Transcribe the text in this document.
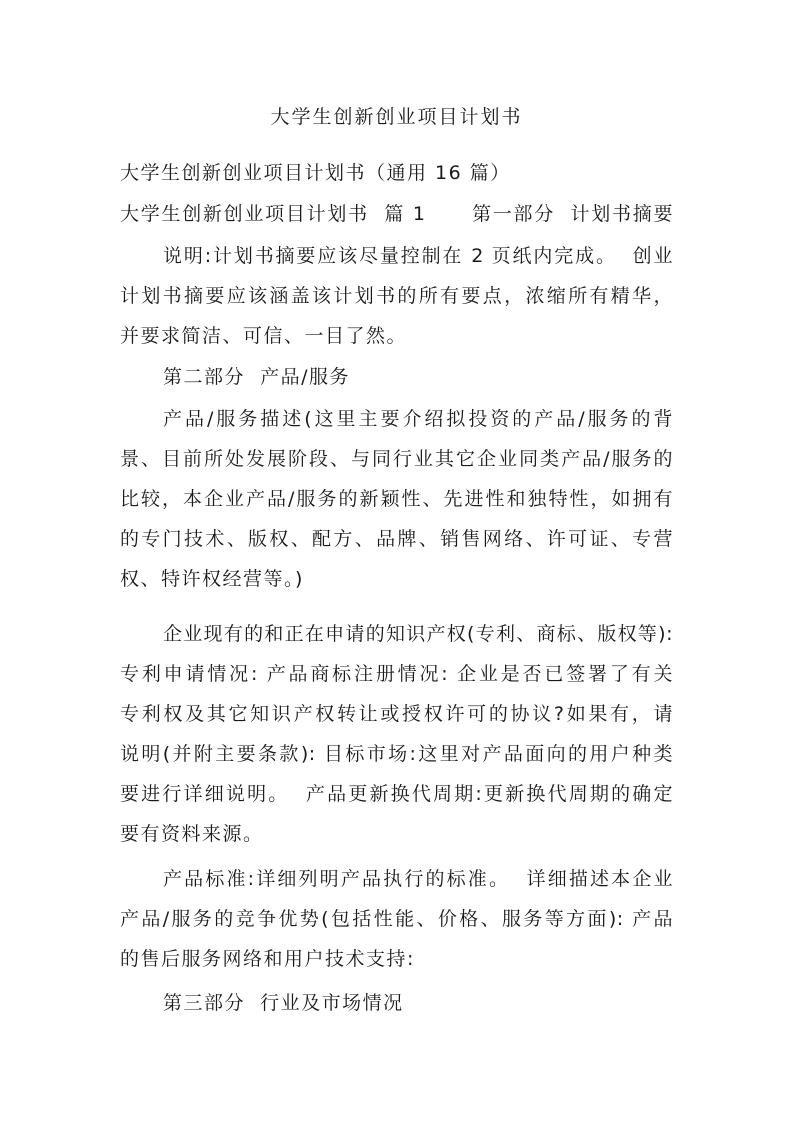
大学生创新创业项目计划书
大学生创新创业项目计划书（通用 16 篇）
大学生创新创业项目计划书  篇 1      第一部分  计划书摘要
说明:计划书摘要应该尽量控制在 2 页纸内完成。  创业
计划书摘要应该涵盖该计划书的所有要点，浓缩所有精华，
并要求简洁、可信、一目了然。
第二部分  产品/服务
产品/服务描述(这里主要介绍拟投资的产品/服务的背
景、目前所处发展阶段、与同行业其它企业同类产品/服务的
比较，本企业产品/服务的新颖性、先进性和独特性，如拥有
的专门技术、版权、配方、品牌、销售网络、许可证、专营
权、特许权经营等。)
企业现有的和正在申请的知识产权(专利、商标、版权等):
专利申请情况: 产品商标注册情况: 企业是否已签署了有关
专利权及其它知识产权转让或授权许可的协议?如果有，请
说明(并附主要条款): 目标市场:这里对产品面向的用户种类
要进行详细说明。  产品更新换代周期:更新换代周期的确定
要有资料来源。
产品标准:详细列明产品执行的标准。  详细描述本企业
产品/服务的竞争优势(包括性能、价格、服务等方面): 产品
的售后服务网络和用户技术支持:
第三部分  行业及市场情况
